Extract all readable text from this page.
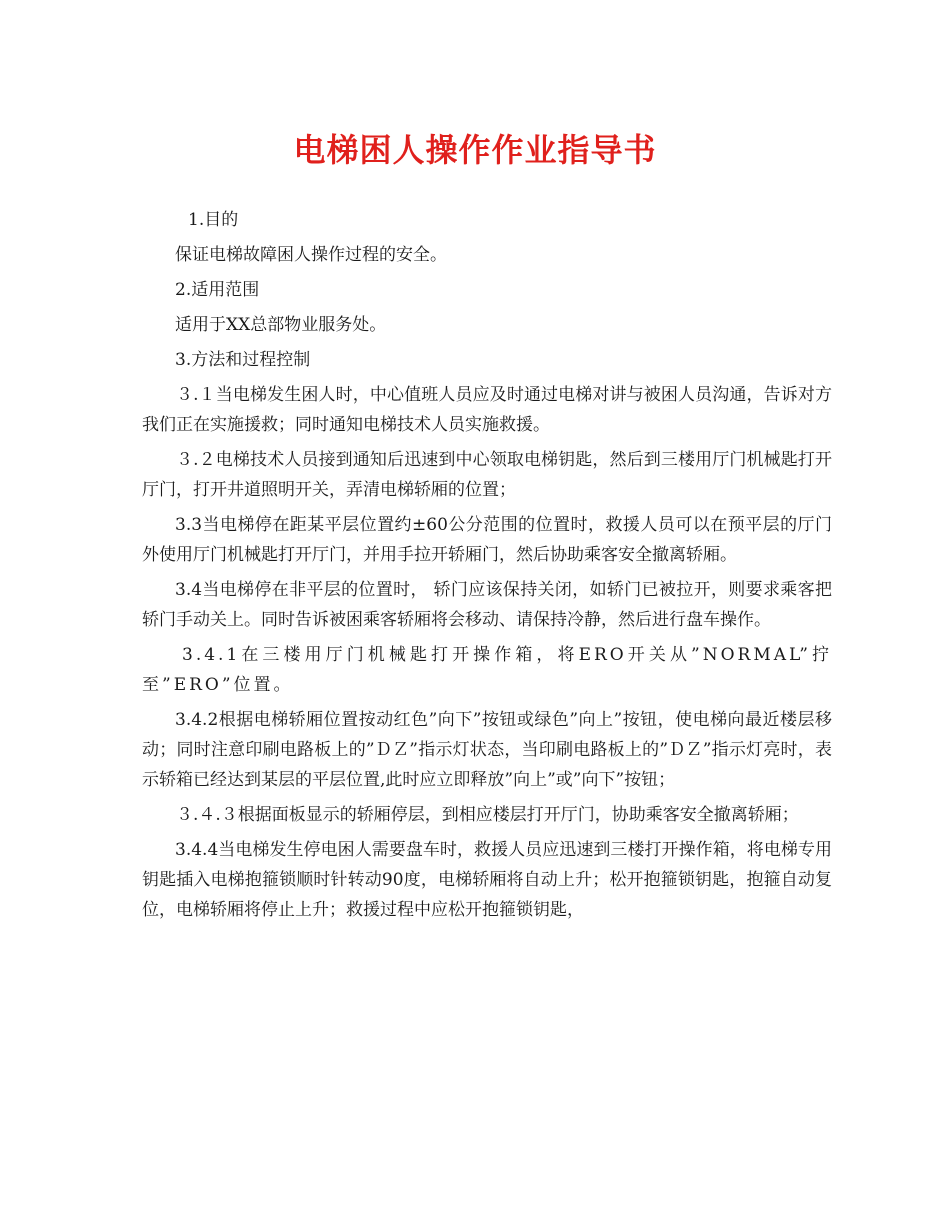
电梯困人操作作业指导书

1.目的

保证电梯故障困人操作过程的安全。

2.适用范围

适用于XX总部物业服务处。

3.方法和过程控制

３.１当电梯发生困人时，中心值班人员应及时通过电梯对讲与被困人员沟通，告诉对方我们正在实施援救；同时通知电梯技术人员实施救援。

３.２电梯技术人员接到通知后迅速到中心领取电梯钥匙，然后到三楼用厅门机械匙打开厅门，打开井道照明开关，弄清电梯轿厢的位置；

3.3当电梯停在距某平层位置约±60公分范围的位置时，救援人员可以在预平层的厅门外使用厅门机械匙打开厅门，并用手拉开轿厢门，然后协助乘客安全撤离轿厢。

3.4当电梯停在非平层的位置时， 轿门应该保持关闭，如轿门已被拉开，则要求乘客把轿门手动关上。同时告诉被困乘客轿厢将会移动、请保持冷静，然后进行盘车操作。

3.4.1在三楼用厅门机械匙打开操作箱，将ERO开关从”NORMAL”拧至”ERO”位置。

3.4.2根据电梯轿厢位置按动红色”向下”按钮或绿色”向上”按钮，使电梯向最近楼层移动；同时注意印刷电路板上的”ＤＺ”指示灯状态，当印刷电路板上的”ＤＺ”指示灯亮时，表示轿箱已经达到某层的平层位置,此时应立即释放”向上”或”向下”按钮；

３.４.３根据面板显示的轿厢停层，到相应楼层打开厅门，协助乘客安全撤离轿厢；

3.4.4当电梯发生停电困人需要盘车时，救援人员应迅速到三楼打开操作箱，将电梯专用钥匙插入电梯抱箍锁顺时针转动90度，电梯轿厢将自动上升；松开抱箍锁钥匙，抱箍自动复位，电梯轿厢将停止上升；救援过程中应松开抱箍锁钥匙，
